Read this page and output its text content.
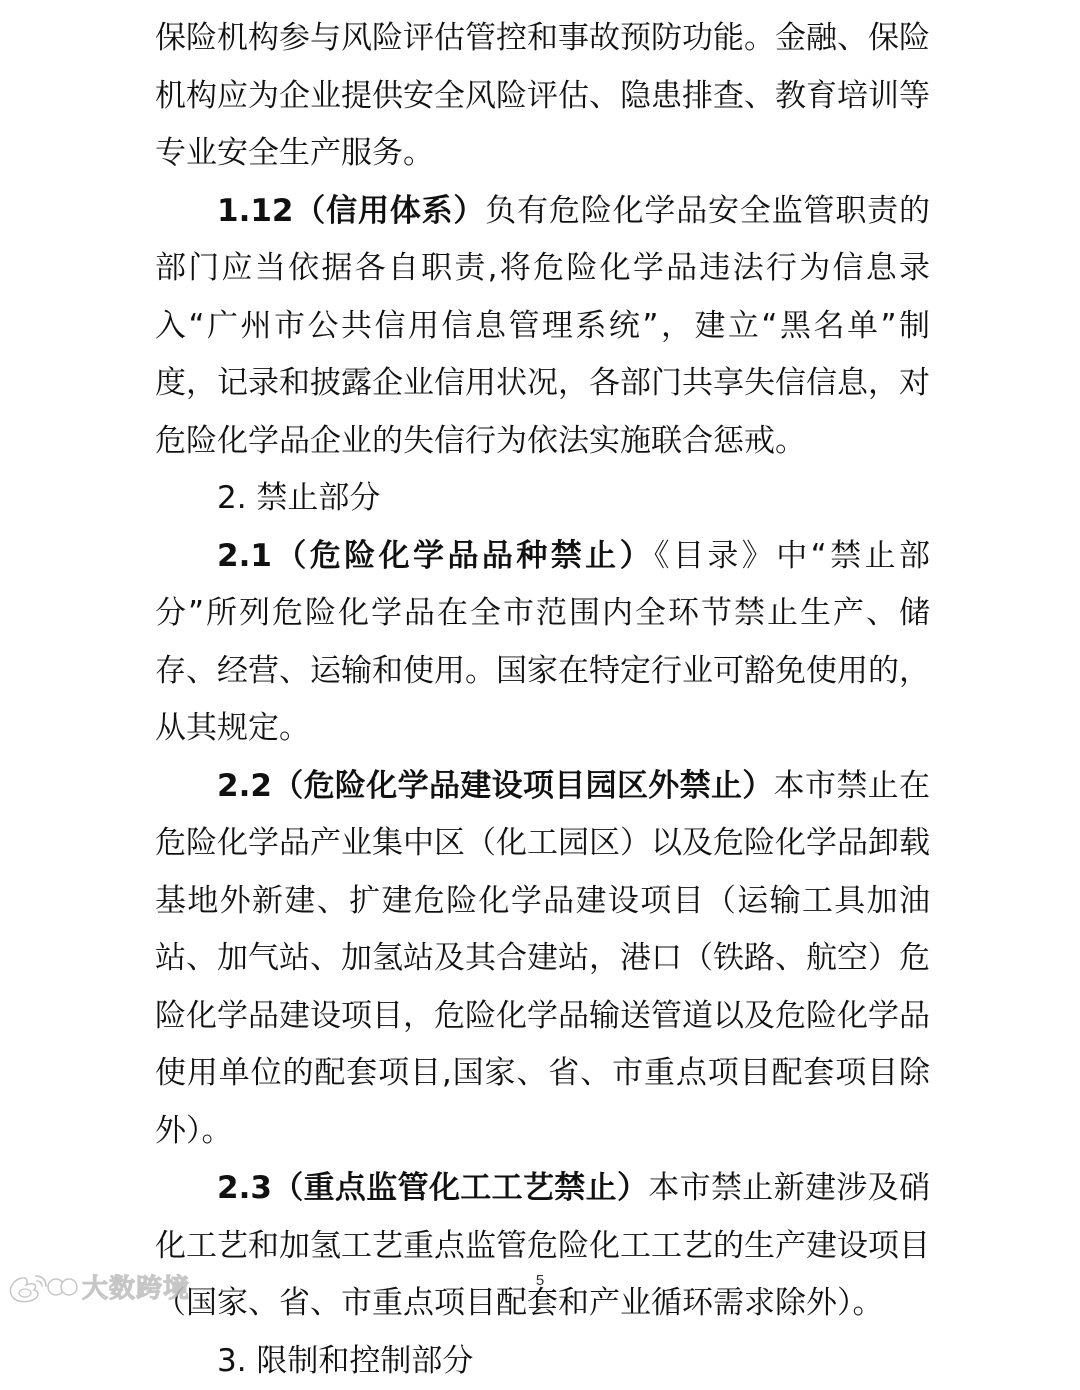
保险机构参与风险评估管控和事故预防功能。金融、保险机构应为企业提供安全风险评估、隐患排查、教育培训等专业安全生产服务。

1.12（信用体系）负有危险化学品安全监管职责的部门应当依据各自职责,将危险化学品违法行为信息录入“广州市公共信用信息管理系统”，建立“黑名单”制度，记录和披露企业信用状况，各部门共享失信信息，对危险化学品企业的失信行为依法实施联合惩戒。

2. 禁止部分

2.1（危险化学品品种禁止）《目录》中“禁止部分”所列危险化学品在全市范围内全环节禁止生产、储存、经营、运输和使用。国家在特定行业可豁免使用的，从其规定。

2.2（危险化学品建设项目园区外禁止）本市禁止在危险化学品产业集中区（化工园区）以及危险化学品卸载基地外新建、扩建危险化学品建设项目（运输工具加油站、加气站、加氢站及其合建站，港口（铁路、航空）危险化学品建设项目，危险化学品输送管道以及危险化学品使用单位的配套项目,国家、省、市重点项目配套项目除外）。

2.3（重点监管化工工艺禁止）本市禁止新建涉及硝化工艺和加氢工艺重点监管危险化工工艺的生产建设项目（国家、省、市重点项目配套和产业循环需求除外）。

3. 限制和控制部分

5
大数跨境
